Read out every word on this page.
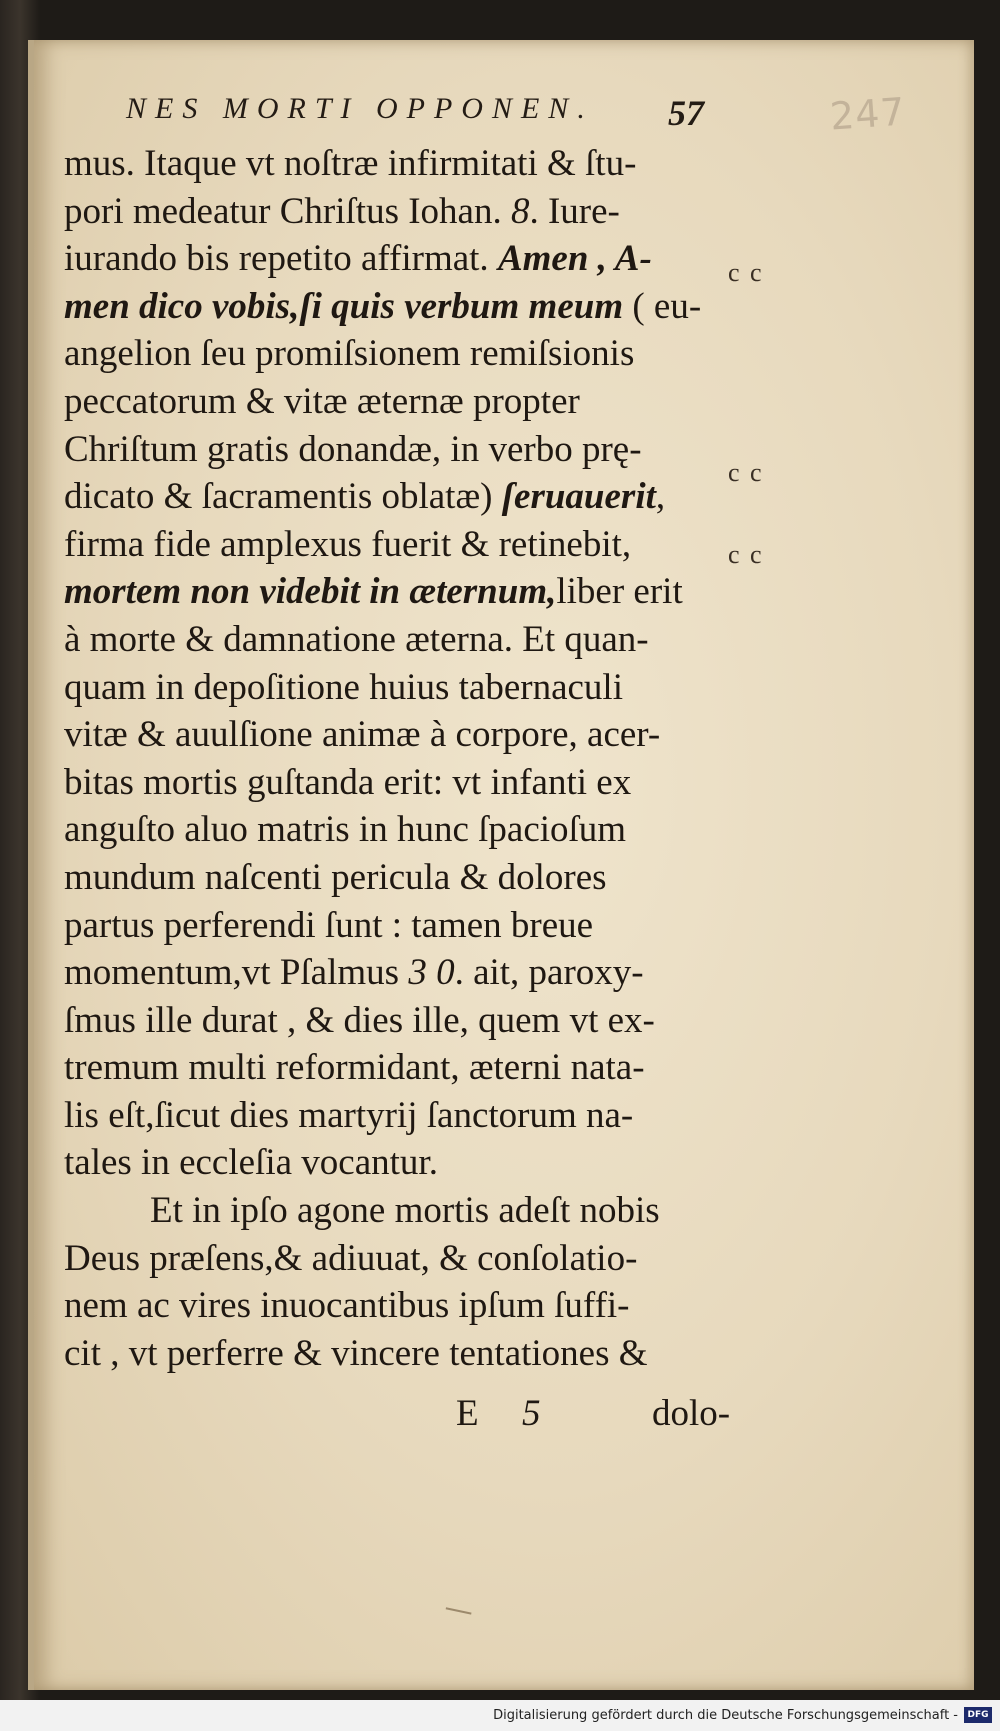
247
NES MORTI OPPONEN.	57
mus. Itaque vt noſtræ infirmitati & ſtu-
pori medeatur Chriſtus Iohan. 8. Iure-
iurando bis repetito affirmat. Amen , A-
men dico vobis,ſi quis verbum meum ( eu-
angelion ſeu promiſsionem remiſsionis
peccatorum & vitæ æternæ propter
Chriſtum gratis donandæ, in verbo prę-
dicato & ſacramentis oblatæ) ſeruauerit,
firma fide amplexus fuerit & retinebit,
mortem non videbit in æternum,liber erit
à morte & damnatione æterna. Et quan-
quam in depoſitione huius tabernaculi
vitæ & auulſione animæ à corpore, acer-
bitas mortis guſtanda erit: vt infanti ex
anguſto aluo matris in hunc ſpacioſum
mundum naſcenti pericula & dolores
partus perferendi ſunt : tamen breue
momentum,vt Pſalmus 3 0. ait, paroxy-
ſmus ille durat , & dies ille, quem vt ex-
tremum multi reformidant, æterni nata-
lis eſt,ſicut dies martyrij ſanctorum na-
tales in eccleſia vocantur.
Et in ipſo agone mortis adeſt nobis
Deus præſens,& adiuuat, & conſolatio-
nem ac vires inuocantibus ipſum ſuffi-
cit , vt perferre & vincere tentationes &
c c
c c
c c
E 5	dolo-
Digitalisierung gefördert durch die Deutsche Forschungsgemeinschaft -	DFG
